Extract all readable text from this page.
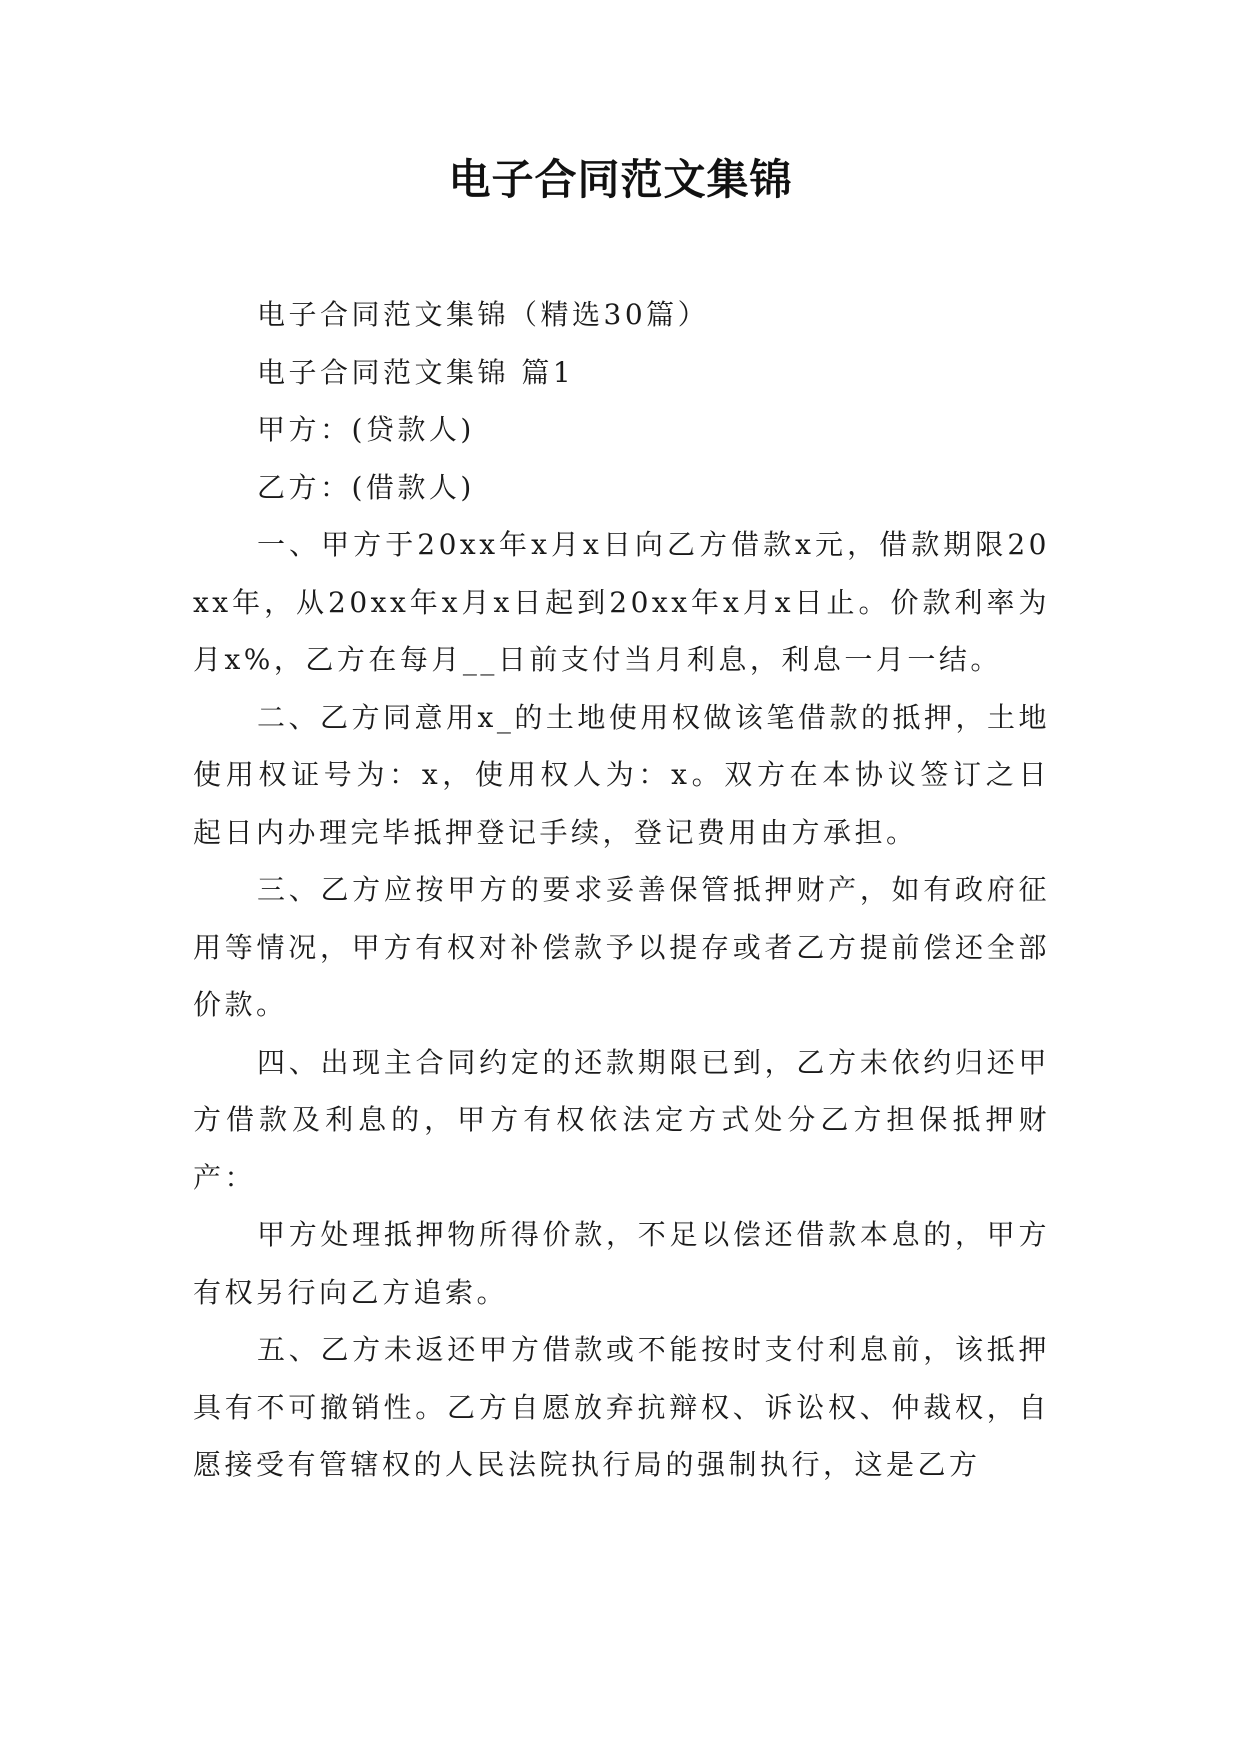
电子合同范文集锦

电子合同范文集锦（精选30篇）

电子合同范文集锦 篇1

甲方：(贷款人)

乙方：(借款人)

一、甲方于20xx年x月x日向乙方借款x元，借款期限20xx年，从20xx年x月x日起到20xx年x月x日止。价款利率为月x%，乙方在每月__日前支付当月利息，利息一月一结。

二、乙方同意用x_的土地使用权做该笔借款的抵押，土地使用权证号为：x，使用权人为：x。双方在本协议签订之日起日内办理完毕抵押登记手续，登记费用由方承担。

三、乙方应按甲方的要求妥善保管抵押财产，如有政府征用等情况，甲方有权对补偿款予以提存或者乙方提前偿还全部价款。

四、出现主合同约定的还款期限已到，乙方未依约归还甲方借款及利息的，甲方有权依法定方式处分乙方担保抵押财产：

甲方处理抵押物所得价款，不足以偿还借款本息的，甲方有权另行向乙方追索。

五、乙方未返还甲方借款或不能按时支付利息前，该抵押具有不可撤销性。乙方自愿放弃抗辩权、诉讼权、仲裁权，自愿接受有管辖权的人民法院执行局的强制执行，这是乙方
